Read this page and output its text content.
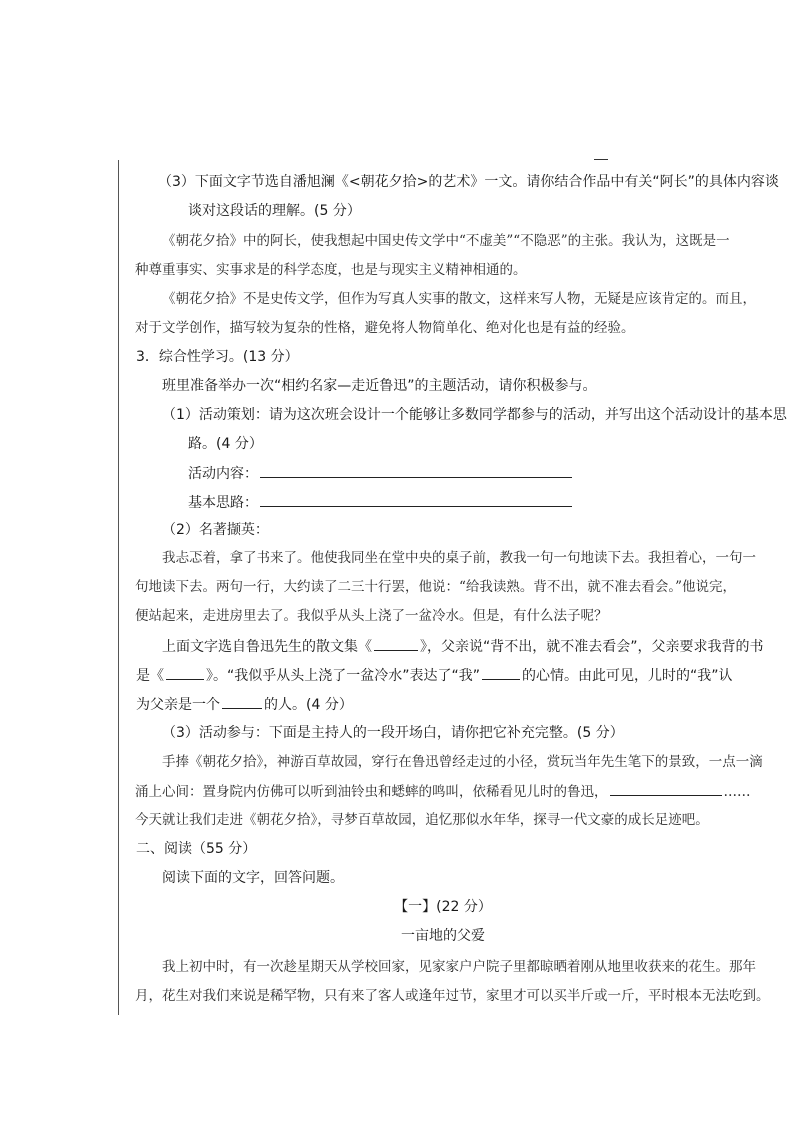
（3）下面文字节选自潘旭澜《<朝花夕拾>的艺术》一文。请你结合作品中有关“阿长”的具体内容谈
谈对这段话的理解。(5 分）
《朝花夕拾》中的阿长，使我想起中国史传文学中“不虚美”“不隐恶”的主张。我认为，这既是一
种尊重事实、实事求是的科学态度，也是与现实主义精神相通的。
《朝花夕拾》不是史传文学，但作为写真人实事的散文，这样来写人物，无疑是应该肯定的。而且，
对于文学创作，描写较为复杂的性格，避免将人物简单化、绝对化也是有益的经验。
3．综合性学习。(13 分）
班里准备举办一次“相约名家—走近鲁迅”的主题活动，请你积极参与。
（1）活动策划：请为这次班会设计一个能够让多数同学都参与的活动，并写出这个活动设计的基本思
路。(4 分）
活动内容：
基本思路：
（2）名著撷英：
我忐忑着，拿了书来了。他使我同坐在堂中央的桌子前，教我一句一句地读下去。我担着心，一句一
句地读下去。两句一行，大约读了二三十行罢，他说：“给我读熟。背不出，就不准去看会。”他说完，
便站起来，走进房里去了。我似乎从头上浇了一盆冷水。但是，有什么法子呢？
上面文字选自鲁迅先生的散文集《	》，父亲说“背不出，就不准去看会”，父亲要求我背的书
是《	》。“我似乎从头上浇了一盆冷水”表达了“我”	的心情。由此可见，儿时的“我”认
为父亲是一个	的人。(4 分）
（3）活动参与：下面是主持人的一段开场白，请你把它补充完整。(5 分）
手捧《朝花夕拾》，神游百草故园，穿行在鲁迅曾经走过的小径，赏玩当年先生笔下的景致，一点一滴
涌上心间：置身院内仿佛可以听到油铃虫和蟋蟀的鸣叫，依稀看见儿时的鲁迅，	……
今天就让我们走进《朝花夕拾》，寻梦百草故园，追忆那似水年华，探寻一代文豪的成长足迹吧。
二、阅读（55 分）
阅读下面的文字，回答问题。
【一】(22 分）
一亩地的父爱
我上初中时，有一次趁星期天从学校回家，见家家户户院子里都晾晒着刚从地里收获来的花生。那年
月，花生对我们来说是稀罕物，只有来了客人或逢年过节，家里才可以买半斤或一斤，平时根本无法吃到。
